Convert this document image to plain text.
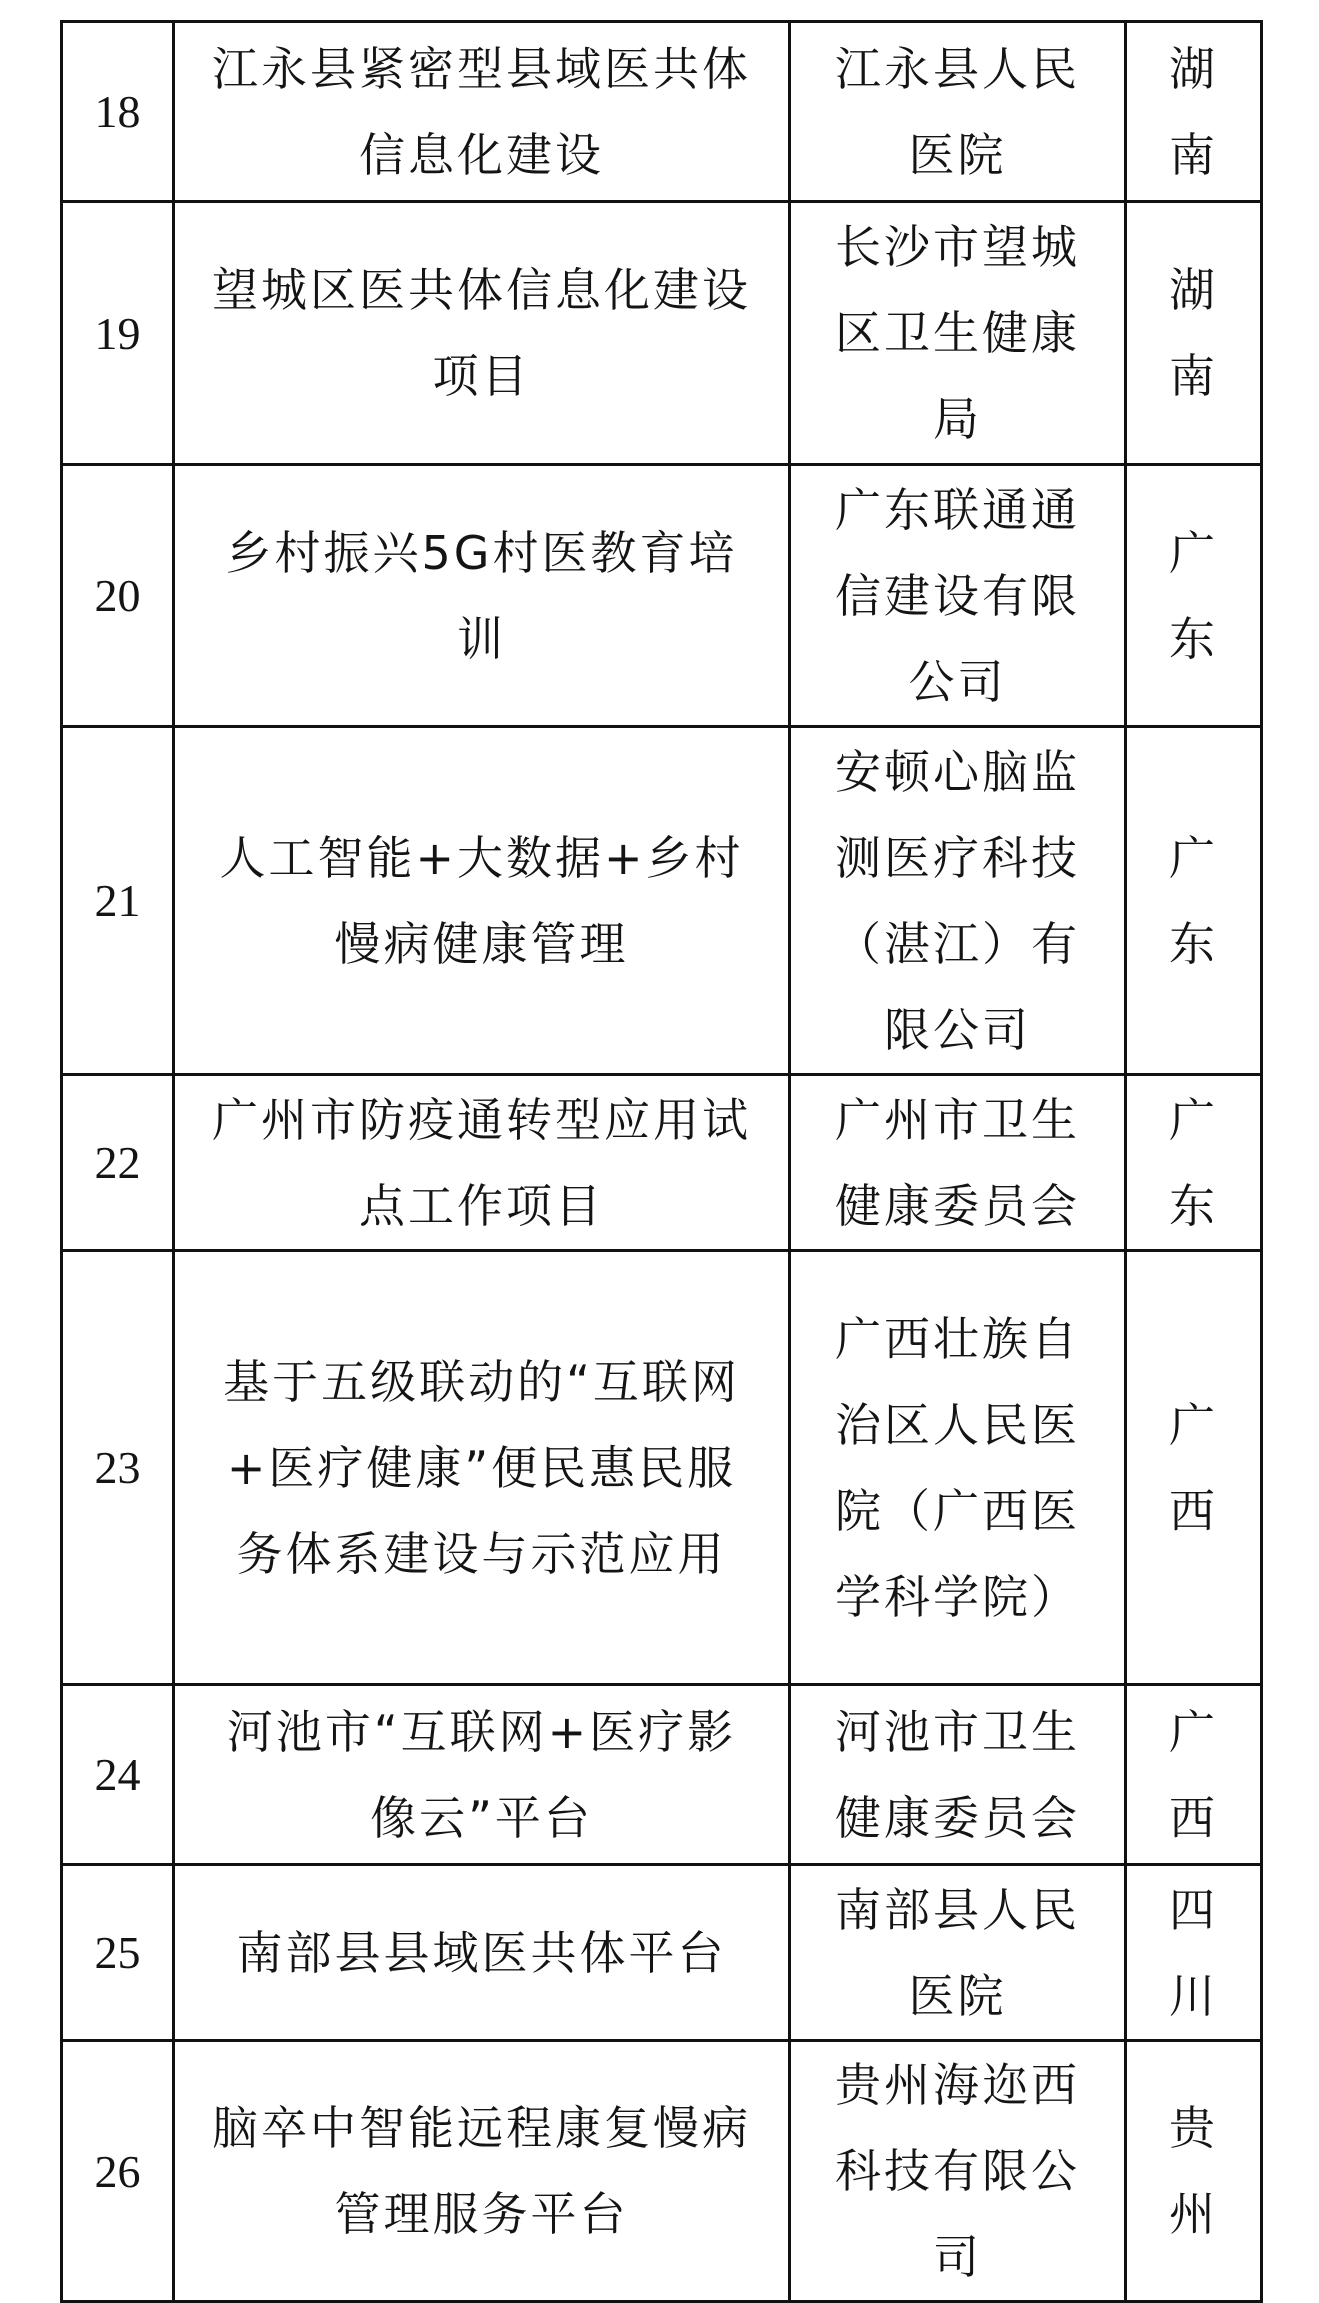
18	江永县紧密型县域医共体信息化建设	江永县人民医院	湖南

19	望城区医共体信息化建设项目	长沙市望城区卫生健康局	湖南

20	乡村振兴5G村医教育培训	广东联通通信建设有限公司	广东

21	人工智能+大数据+乡村慢病健康管理	安顿心脑监测医疗科技（湛江）有限公司	广东

22	广州市防疫通转型应用试点工作项目	广州市卫生健康委员会	广东

23	基于五级联动的“互联网+医疗健康”便民惠民服务体系建设与示范应用	广西壮族自治区人民医院（广西医学科学院）	广西

24	河池市“互联网+医疗影像云”平台	河池市卫生健康委员会	广西

25	南部县县域医共体平台	南部县人民医院	四川

26	脑卒中智能远程康复慢病管理服务平台	贵州海迩西科技有限公司	贵州
